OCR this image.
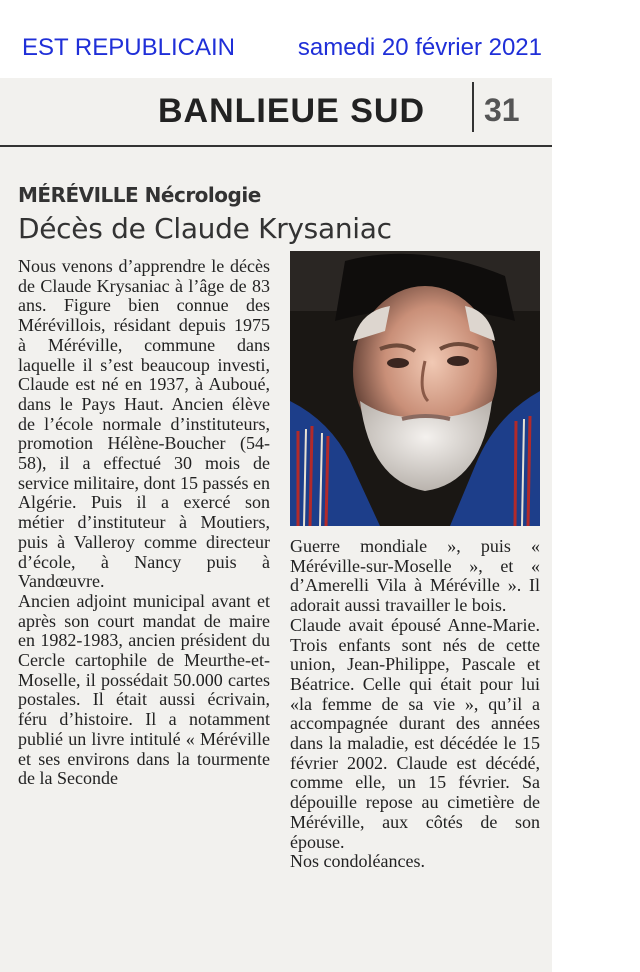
EST REPUBLICAIN	samedi 20 février 2021
BANLIEUE SUD 31
MÉRÉVILLE Nécrologie
Décès de Claude Krysaniac

Nous venons d’apprendre le décès de Claude Krysaniac à l’âge de 83 ans. Figure bien connue des Mérévillois, résidant depuis 1975 à Méréville, commune dans laquelle il s’est beaucoup investi, Claude est né en 1937, à Auboué, dans le Pays Haut. Ancien élève de l’école normale d’instituteurs, promotion Hélène-Boucher (54-58), il a effectué 30 mois de service militaire, dont 15 passés en Algérie. Puis il a exercé son métier d’instituteur à Moutiers, puis à Valleroy comme directeur d’école, à Nancy puis à Vandœuvre.

Ancien adjoint municipal avant et après son court mandat de maire en 1982-1983, ancien président du Cercle cartophile de Meurthe-et-Moselle, il possédait 50.000 cartes postales. Il était aussi écrivain, féru d’histoire. Il a notamment publié un livre intitulé « Méréville et ses environs dans la tourmente de la Seconde

Guerre mondiale », puis « Méréville-sur-Moselle », et « d’Amerelli Vila à Méréville ». Il adorait aussi travailler le bois.

Claude avait épousé Anne-Marie. Trois enfants sont nés de cette union, Jean-Philippe, Pascale et Béatrice. Celle qui était pour lui «la femme de sa vie », qu’il a accompagnée durant des années dans la maladie, est décédée le 15 février 2002. Claude est décédé, comme elle, un 15 février. Sa dépouille repose au cimetière de Méréville, aux côtés de son épouse.

Nos condoléances.
